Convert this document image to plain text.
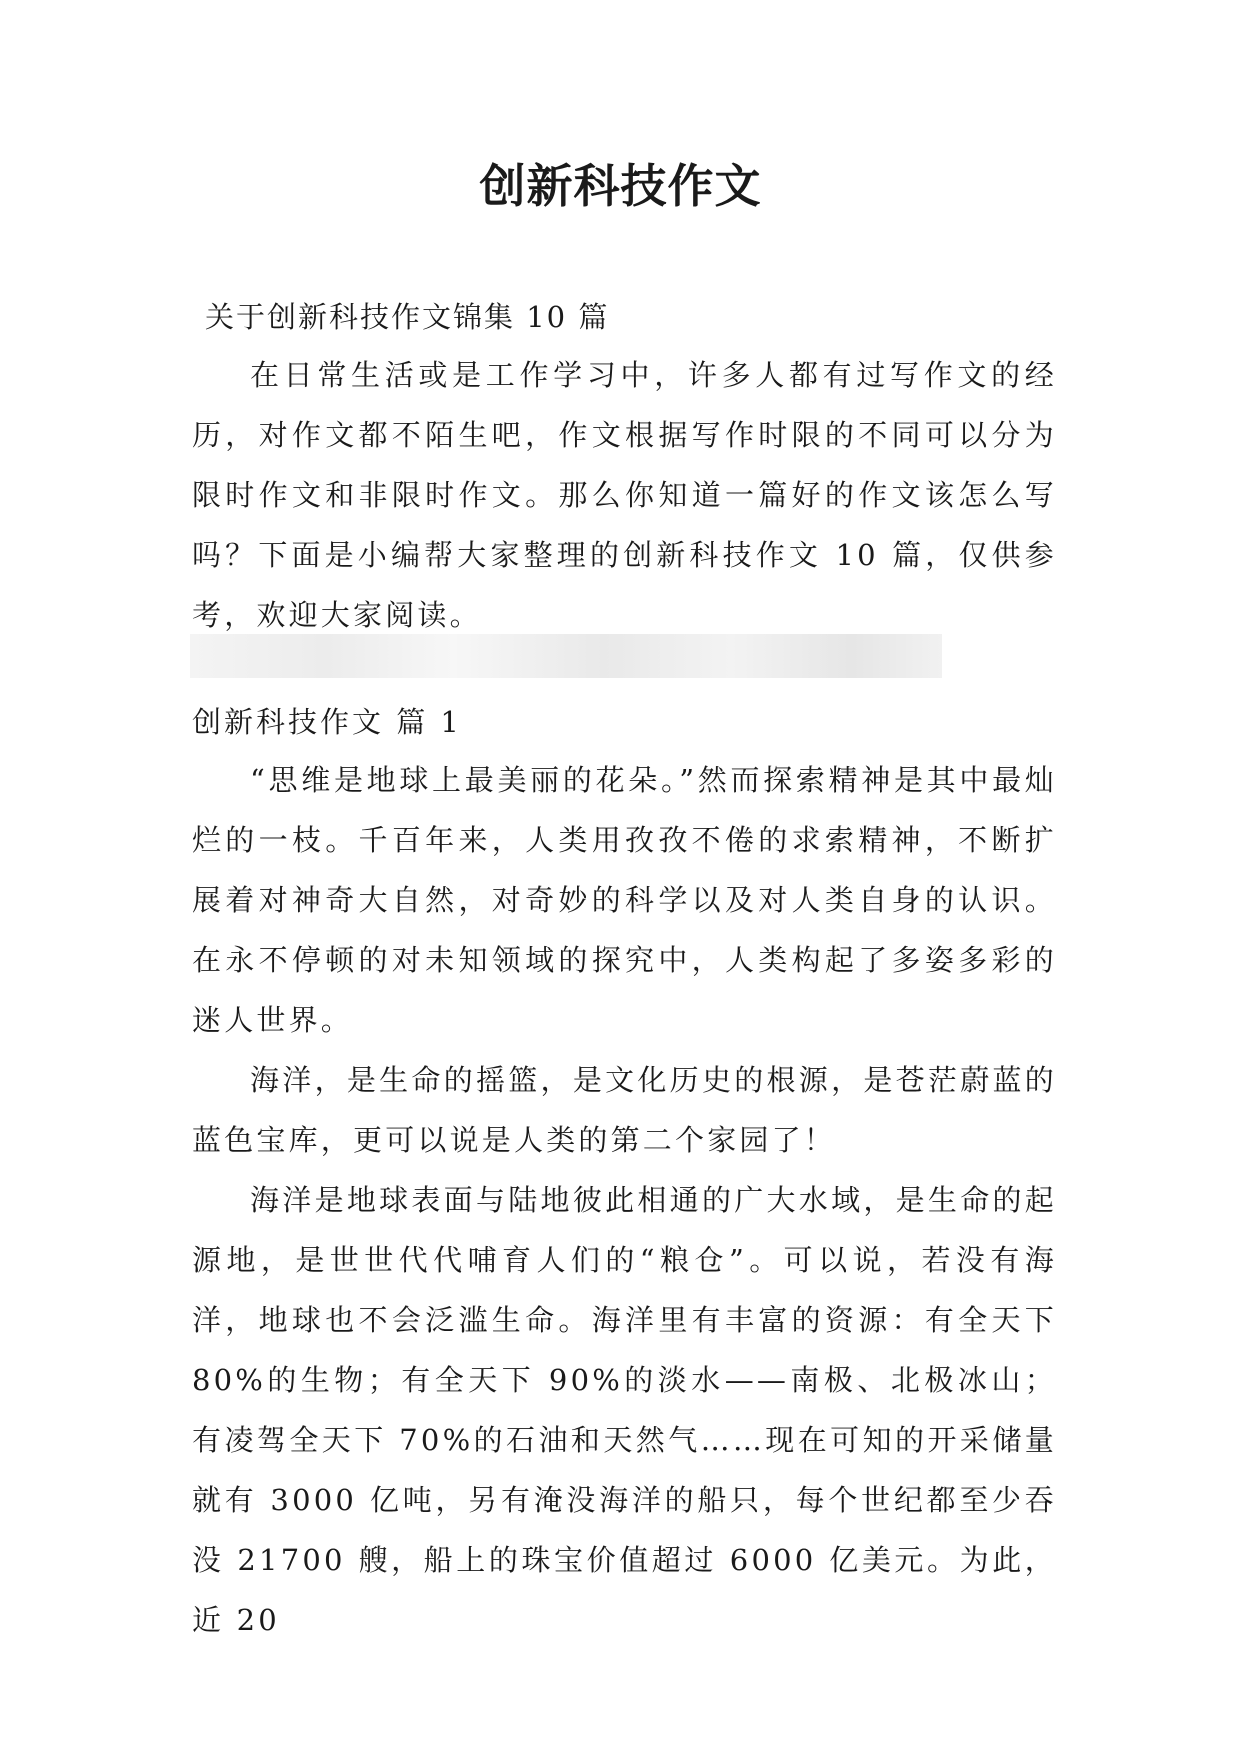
创新科技作文
关于创新科技作文锦集 10 篇

在日常生活或是工作学习中，许多人都有过写作文的经历，对作文都不陌生吧，作文根据写作时限的不同可以分为限时作文和非限时作文。那么你知道一篇好的作文该怎么写吗？下面是小编帮大家整理的创新科技作文 10 篇，仅供参考，欢迎大家阅读。

创新科技作文 篇 1

“思维是地球上最美丽的花朵。”然而探索精神是其中最灿烂的一枝。千百年来，人类用孜孜不倦的求索精神，不断扩展着对神奇大自然，对奇妙的科学以及对人类自身的认识。在永不停顿的对未知领域的探究中，人类构起了多姿多彩的迷人世界。

海洋，是生命的摇篮，是文化历史的根源，是苍茫蔚蓝的蓝色宝库，更可以说是人类的第二个家园了！

海洋是地球表面与陆地彼此相通的广大水域，是生命的起源地，是世世代代哺育人们的“粮仓”。可以说，若没有海洋，地球也不会泛滥生命。海洋里有丰富的资源：有全天下 80%的生物；有全天下 90%的淡水——南极、北极冰山；有凌驾全天下 70%的石油和天然气……现在可知的开采储量就有 3000 亿吨，另有淹没海洋的船只，每个世纪都至少吞没 21700 艘，船上的珠宝价值超过 6000 亿美元。为此，近 20
